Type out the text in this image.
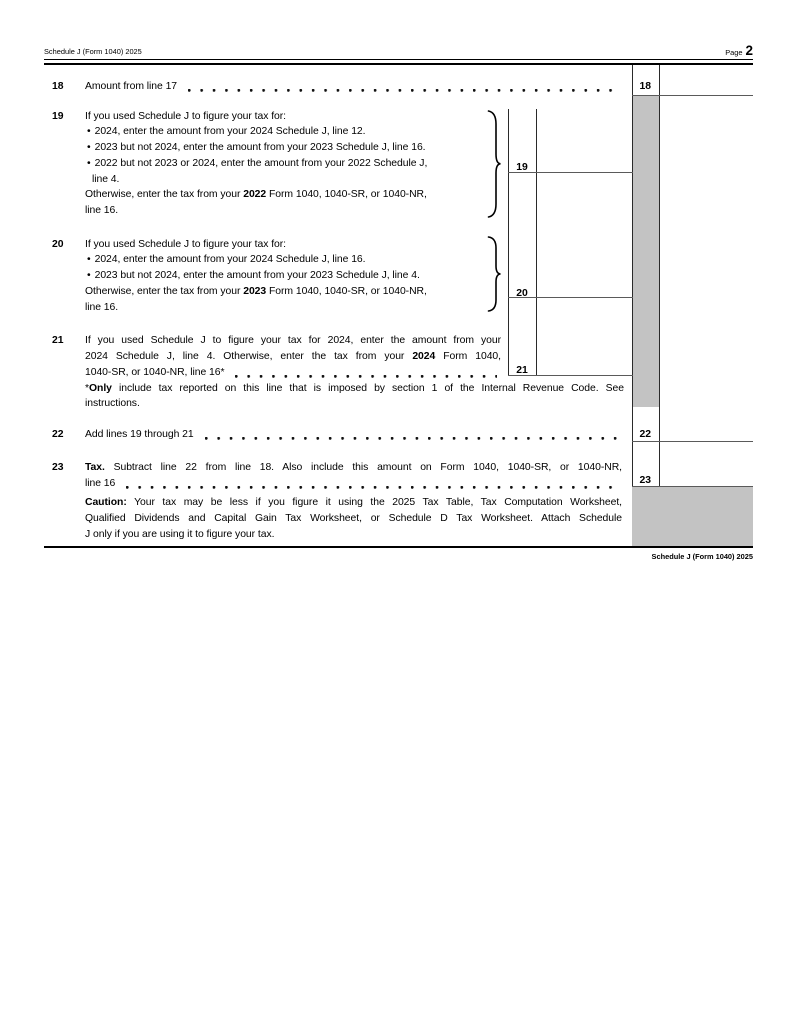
Schedule J (Form 1040) 2025	Page 2
18	Amount from line 17	18
19	If you used Schedule J to figure your tax for:
• 2024, enter the amount from your 2024 Schedule J, line 12.
• 2023 but not 2024, enter the amount from your 2023 Schedule J, line 16.
• 2022 but not 2023 or 2024, enter the amount from your 2022 Schedule J,
line 4.
Otherwise, enter the tax from your 2022 Form 1040, 1040-SR, or 1040-NR,
line 16.
19
20	If you used Schedule J to figure your tax for:
• 2024, enter the amount from your 2024 Schedule J, line 16.
• 2023 but not 2024, enter the amount from your 2023 Schedule J, line 4.
Otherwise, enter the tax from your 2023 Form 1040, 1040-SR, or 1040-NR,
line 16.
20
21	If you used Schedule J to figure your tax for 2024, enter the amount from your
2024 Schedule J, line 4. Otherwise, enter the tax from your 2024 Form 1040,
1040-SR, or 1040-NR, line 16*	21
*Only include tax reported on this line that is imposed by section 1 of the Internal Revenue Code. See
instructions.
22	Add lines 19 through 21	22
23	Tax. Subtract line 22 from line 18. Also include this amount on Form 1040, 1040-SR, or 1040-NR,
line 16	23
Caution: Your tax may be less if you figure it using the 2025 Tax Table, Tax Computation Worksheet,
Qualified Dividends and Capital Gain Tax Worksheet, or Schedule D Tax Worksheet. Attach Schedule
J only if you are using it to figure your tax.
Schedule J (Form 1040) 2025
